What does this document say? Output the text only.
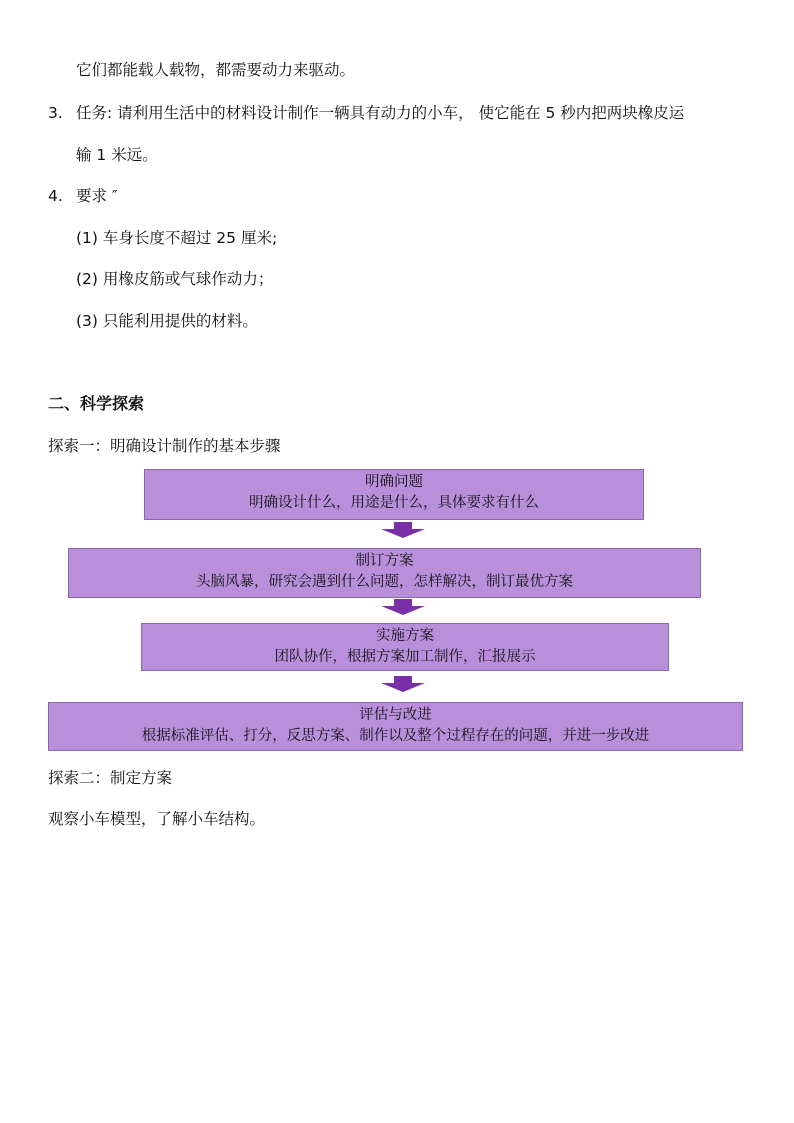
它们都能载人载物，都需要动力来驱动。
3. 任务: 请利用生活中的材料设计制作一辆具有动力的小车， 使它能在 5 秒内把两块橡皮运
输 1 米远。
4. 要求 ″
(1) 车身长度不超过 25 厘米;
(2) 用橡皮筋或气球作动力；
(3) 只能利用提供的材料。
二、科学探索
探索一：明确设计制作的基本步骤
明确问题
明确设计什么，用途是什么，具体要求有什么
制订方案
头脑风暴，研究会遇到什么问题，怎样解决，制订最优方案
实施方案
团队协作，根据方案加工制作，汇报展示
评估与改进
根据标准评估、打分，反思方案、制作以及整个过程存在的问题，并进一步改进
探索二：制定方案
观察小车模型，了解小车结构。
